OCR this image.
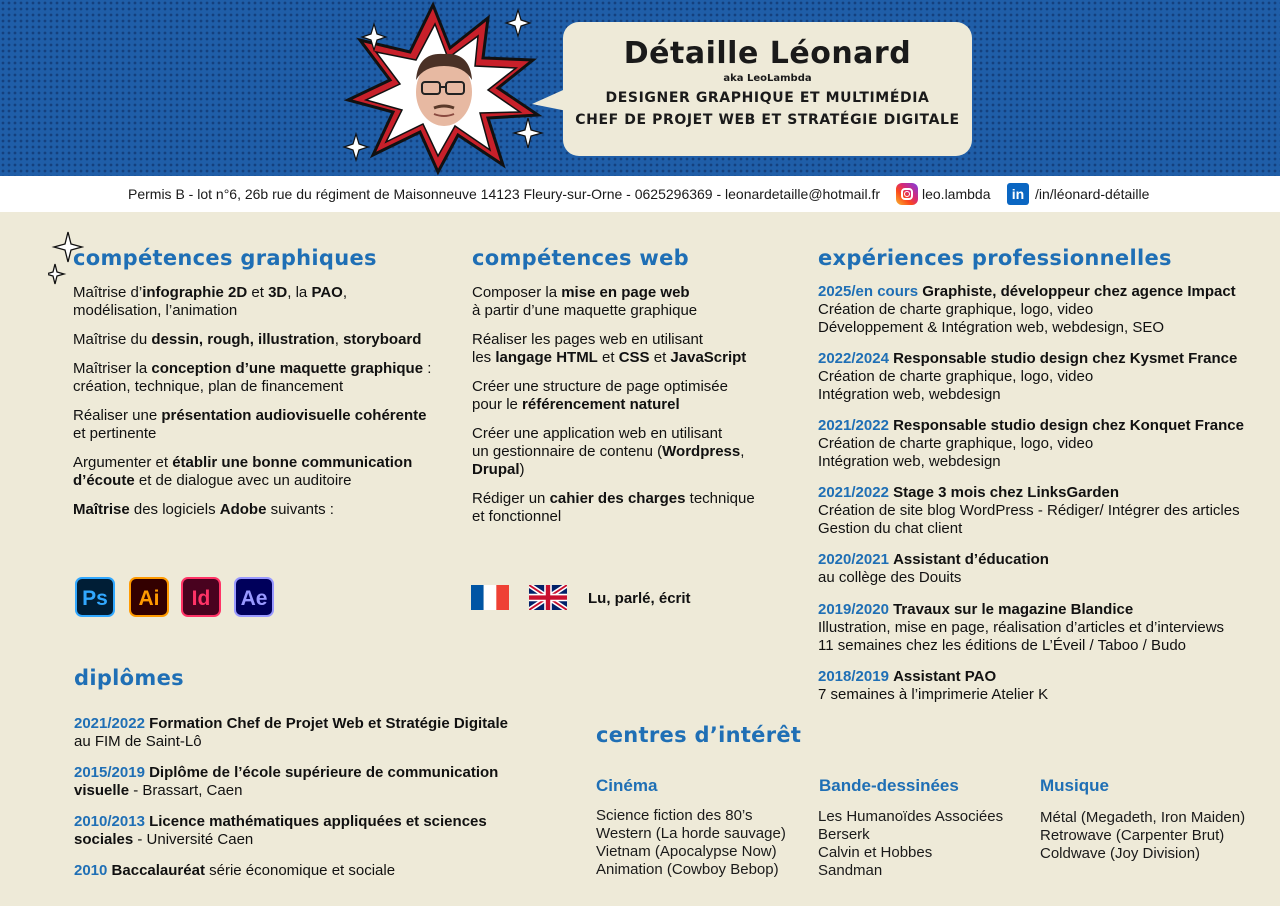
Détaille Léonard
aka LeoLambda
DESIGNER GRAPHIQUE ET MULTIMÉDIA
CHEF DE PROJET WEB ET STRATÉGIE DIGITALE
Permis B - lot n°6, 26b rue du régiment de Maisonneuve 14123 Fleury-sur-Orne - 0625296369 - leonardetaille@hotmail.fr	leo.lambda	in /in/léonard-détaille
compétences graphiques
Maîtrise d’infographie 2D et 3D, la PAO,
modélisation, l’animation
Maîtrise du dessin, rough, illustration, storyboard
Maîtriser la conception d’une maquette graphique :
création, technique, plan de financement
Réaliser une présentation audiovisuelle cohérente
et pertinente
Argumenter et établir une bonne communication
d’écoute et de dialogue avec un auditoire
Maîtrise des logiciels Adobe suivants :
Ps	Ai	Id	Ae
compétences web
Composer la mise en page web
à partir d’une maquette graphique
Réaliser les pages web en utilisant
les langage HTML et CSS et JavaScript
Créer une structure de page optimisée
pour le référencement naturel
Créer une application web en utilisant
un gestionnaire de contenu (Wordpress,
Drupal)
Rédiger un cahier des charges technique
et fonctionnel
Lu, parlé, écrit
expériences professionnelles
2025/en cours Graphiste, développeur chez agence Impact
Création de charte graphique, logo, video
Développement & Intégration web, webdesign, SEO
2022/2024 Responsable studio design chez Kysmet France
Création de charte graphique, logo, video
Intégration web, webdesign
2021/2022 Responsable studio design chez Konquet France
Création de charte graphique, logo, video
Intégration web, webdesign
2021/2022 Stage 3 mois chez LinksGarden
Création de site blog WordPress - Rédiger/ Intégrer des articles
Gestion du chat client
2020/2021 Assistant d’éducation
au collège des Douits
2019/2020 Travaux sur le magazine Blandice
Illustration, mise en page, réalisation d’articles et d’interviews
11 semaines chez les éditions de L’Éveil / Taboo / Budo
2018/2019 Assistant PAO
7 semaines à l’imprimerie Atelier K
diplômes
2021/2022 Formation Chef de Projet Web et Stratégie Digitale
au FIM de Saint-Lô
2015/2019 Diplôme de l’école supérieure de communication
visuelle - Brassart, Caen
2010/2013 Licence mathématiques appliquées et sciences
sociales - Université Caen
2010 Baccalauréat série économique et sociale
centres d’intérêt
Cinéma
Science fiction des 80’s
Western (La horde sauvage)
Vietnam (Apocalypse Now)
Animation (Cowboy Bebop)
Bande-dessinées
Les Humanoïdes Associées
Berserk
Calvin et Hobbes
Sandman
Musique
Métal (Megadeth, Iron Maiden)
Retrowave (Carpenter Brut)
Coldwave (Joy Division)
